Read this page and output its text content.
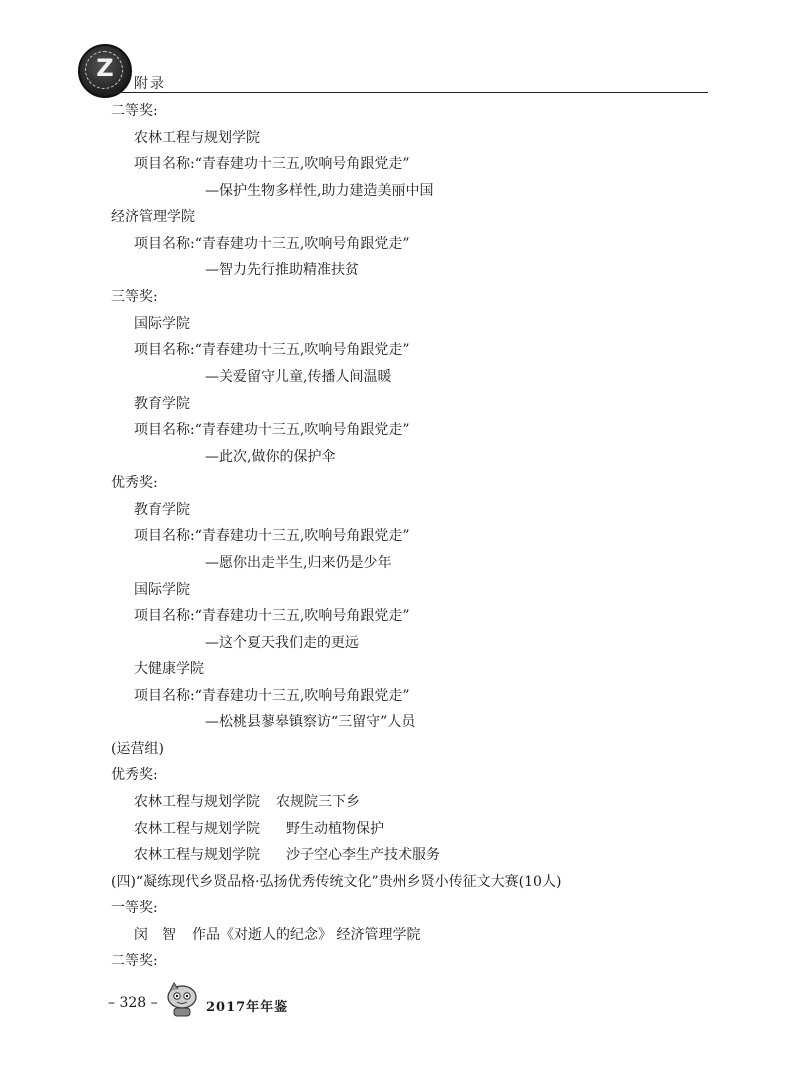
Z
附录
二等奖:
农林工程与规划学院
项目名称:“青春建功十三五,吹响号角跟党走”
—保护生物多样性,助力建造美丽中国
经济管理学院
项目名称:“青春建功十三五,吹响号角跟党走”
—智力先行推助精准扶贫
三等奖:
国际学院
项目名称:“青春建功十三五,吹响号角跟党走”
—关爱留守儿童,传播人间温暖
教育学院
项目名称:“青春建功十三五,吹响号角跟党走”
—此次,做你的保护伞
优秀奖:
教育学院
项目名称:“青春建功十三五,吹响号角跟党走”
—愿你出走半生,归来仍是少年
国际学院
项目名称:“青春建功十三五,吹响号角跟党走”
—这个夏天我们走的更远
大健康学院
项目名称:“青春建功十三五,吹响号角跟党走”
—松桃县蓼皋镇察访“三留守”人员
(运营组)
优秀奖:
农林工程与规划学院 农规院三下乡
农林工程与规划学院 野生动植物保护
农林工程与规划学院 沙子空心李生产技术服务
(四)“凝练现代乡贤品格·弘扬优秀传统文化”贵州乡贤小传征文大赛(10人)
一等奖:
闵　智 作品《对逝人的纪念》 经济管理学院
二等奖:
– 328 –	2017年年鉴
